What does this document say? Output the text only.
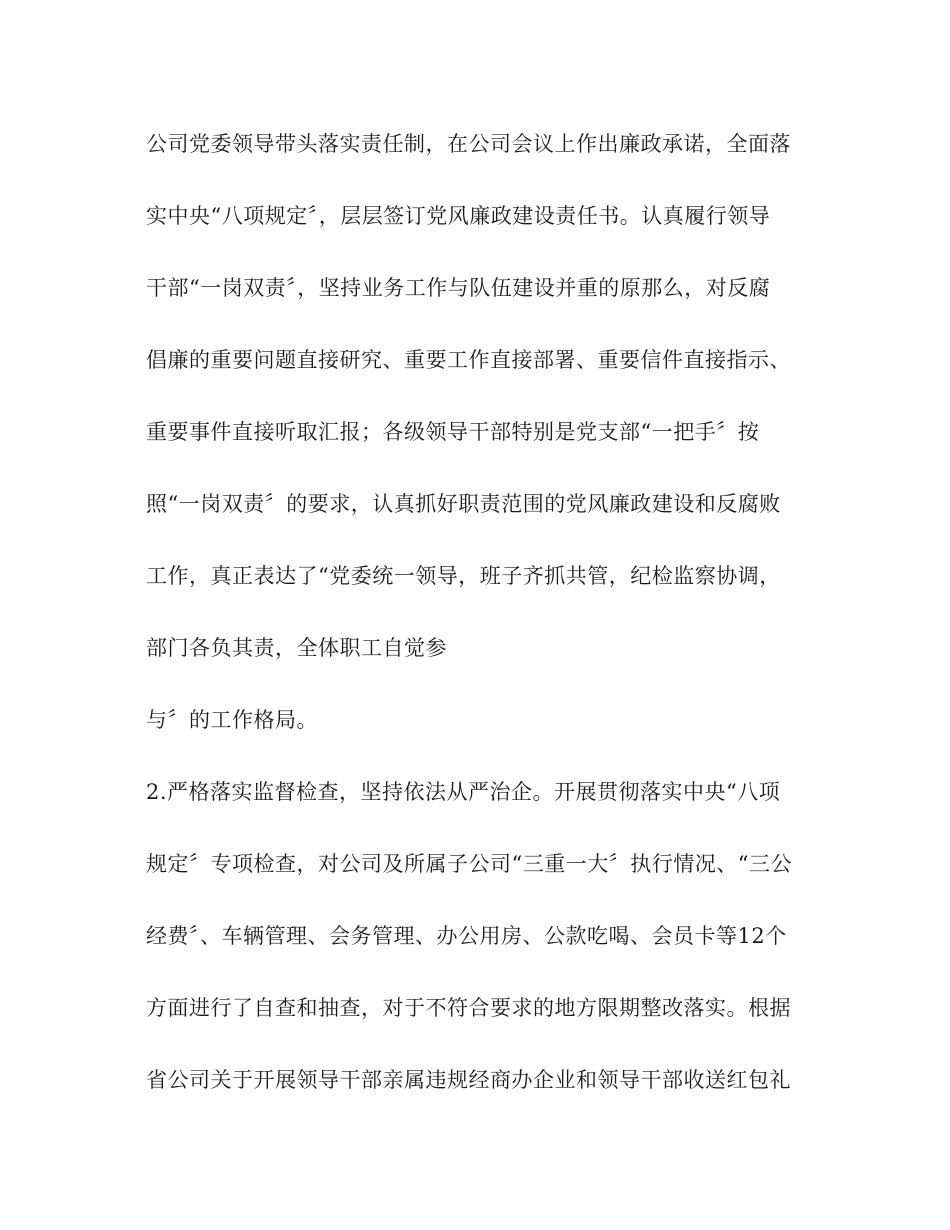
公司党委领导带头落实责任制，在公司会议上作出廉政承诺，全面落
实中央“八项规定〞，层层签订党风廉政建设责任书。认真履行领导
干部“一岗双责〞，坚持业务工作与队伍建设并重的原那么，对反腐
倡廉的重要问题直接研究、重要工作直接部署、重要信件直接指示、
重要事件直接听取汇报；各级领导干部特别是党支部“一把手〞按
照“一岗双责〞的要求，认真抓好职责范围的党风廉政建设和反腐败
工作，真正表达了“党委统一领导，班子齐抓共管，纪检监察协调，
部门各负其责，全体职工自觉参
与〞的工作格局。
2.严格落实监督检查，坚持依法从严治企。开展贯彻落实中央“八项
规定〞专项检查，对公司及所属子公司“三重一大〞执行情况、“三公
经费〞、车辆管理、会务管理、办公用房、公款吃喝、会员卡等12个
方面进行了自查和抽查，对于不符合要求的地方限期整改落实。根据
省公司关于开展领导干部亲属违规经商办企业和领导干部收送红包礼
